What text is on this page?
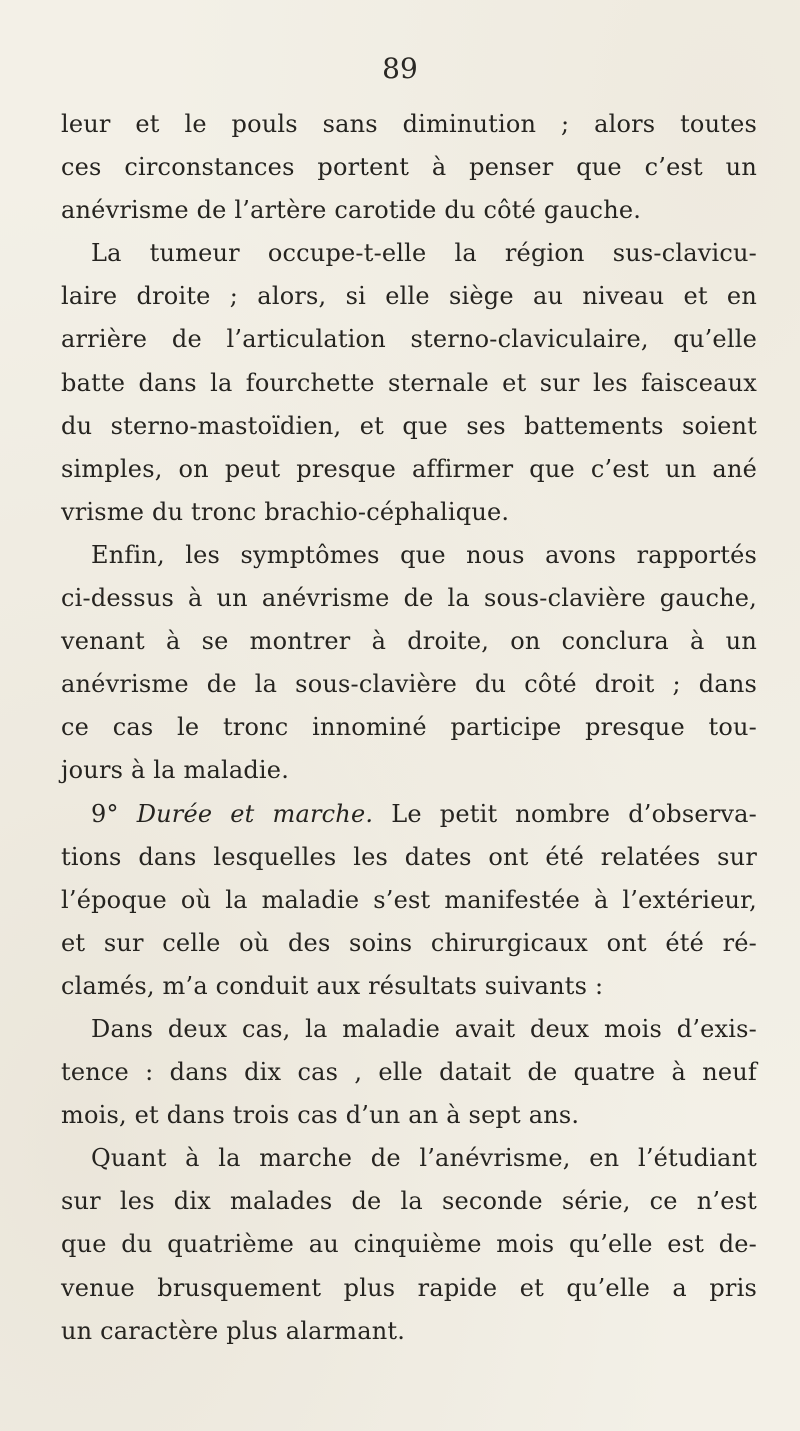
89
leur et le pouls sans diminution ; alors toutes
ces circonstances portent à penser que c’est un
anévrisme de l’artère carotide du côté gauche.
La tumeur occupe-t-elle la région sus-clavicu-
laire droite ; alors, si elle siège au niveau et en
arrière de l’articulation sterno-claviculaire, qu’elle
batte dans la fourchette sternale et sur les faisceaux
du sterno-mastoïdien, et que ses battements soient
simples, on peut presque affirmer que c’est un ané
vrisme du tronc brachio-céphalique.
Enfin, les symptômes que nous avons rapportés
ci-dessus à un anévrisme de la sous-clavière gauche,
venant à se montrer à droite, on conclura à un
anévrisme de la sous-clavière du côté droit ; dans
ce cas le tronc innominé participe presque tou-
jours à la maladie.
9° Durée et marche. Le petit nombre d’observa-
tions dans lesquelles les dates ont été relatées sur
l’époque où la maladie s’est manifestée à l’extérieur,
et sur celle où des soins chirurgicaux ont été ré-
clamés, m’a conduit aux résultats suivants :
Dans deux cas, la maladie avait deux mois d’exis-
tence : dans dix cas , elle datait de quatre à neuf
mois, et dans trois cas d’un an à sept ans.
Quant à la marche de l’anévrisme, en l’étudiant
sur les dix malades de la seconde série, ce n’est
que du quatrième au cinquième mois qu’elle est de-
venue brusquement plus rapide et qu’elle a pris
un caractère plus alarmant.
